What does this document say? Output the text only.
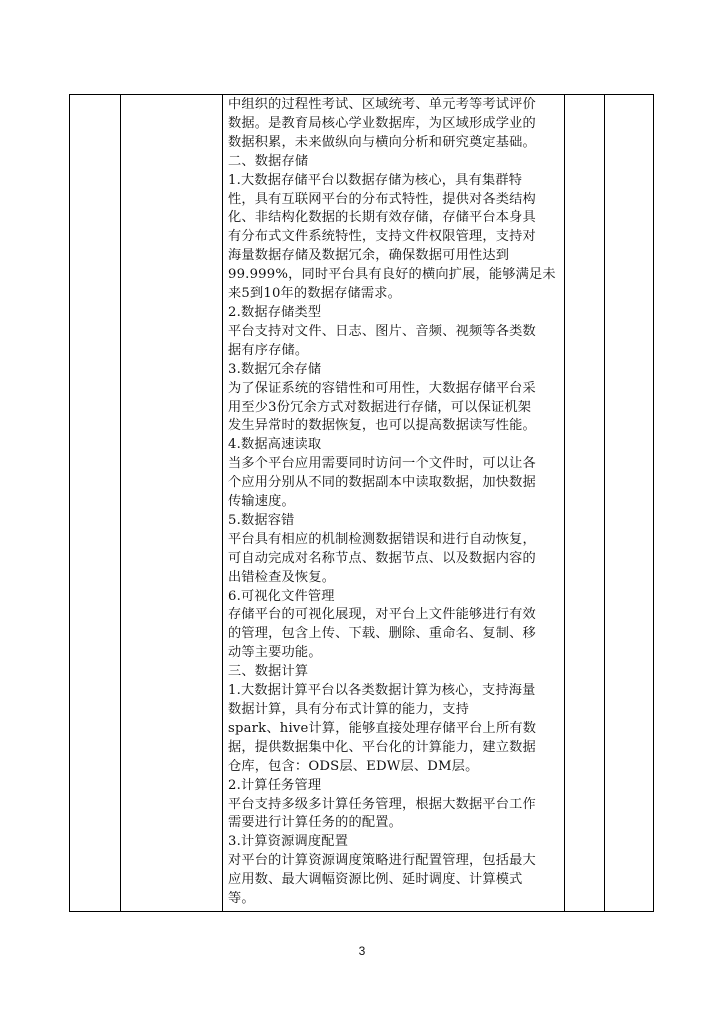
中组织的过程性考试、区域统考、单元考等考试评价

数据。是教育局核心学业数据库，为区域形成学业的

数据积累，未来做纵向与横向分析和研究奠定基础。

二、数据存储

1.大数据存储平台以数据存储为核心，具有集群特

性，具有互联网平台的分布式特性，提供对各类结构

化、非结构化数据的长期有效存储，存储平台本身具

有分布式文件系统特性，支持文件权限管理，支持对

海量数据存储及数据冗余，确保数据可用性达到

99.999%，同时平台具有良好的横向扩展，能够满足未

来5到10年的数据存储需求。

2.数据存储类型

平台支持对文件、日志、图片、音频、视频等各类数

据有序存储。

3.数据冗余存储

为了保证系统的容错性和可用性，大数据存储平台采

用至少3份冗余方式对数据进行存储，可以保证机架

发生异常时的数据恢复，也可以提高数据读写性能。

4.数据高速读取

当多个平台应用需要同时访问一个文件时，可以让各

个应用分别从不同的数据副本中读取数据，加快数据

传输速度。

5.数据容错

平台具有相应的机制检测数据错误和进行自动恢复，

可自动完成对名称节点、数据节点、以及数据内容的

出错检查及恢复。

6.可视化文件管理

存储平台的可视化展现，对平台上文件能够进行有效

的管理，包含上传、下载、删除、重命名、复制、移

动等主要功能。

三、数据计算

1.大数据计算平台以各类数据计算为核心，支持海量

数据计算，具有分布式计算的能力，支持

spark、hive计算，能够直接处理存储平台上所有数

据，提供数据集中化、平台化的计算能力，建立数据

仓库，包含：ODS层、EDW层、DM层。

2.计算任务管理

平台支持多级多计算任务管理，根据大数据平台工作

需要进行计算任务的的配置。

3.计算资源调度配置

对平台的计算资源调度策略进行配置管理，包括最大

应用数、最大调幅资源比例、延时调度、计算模式

等。

3
